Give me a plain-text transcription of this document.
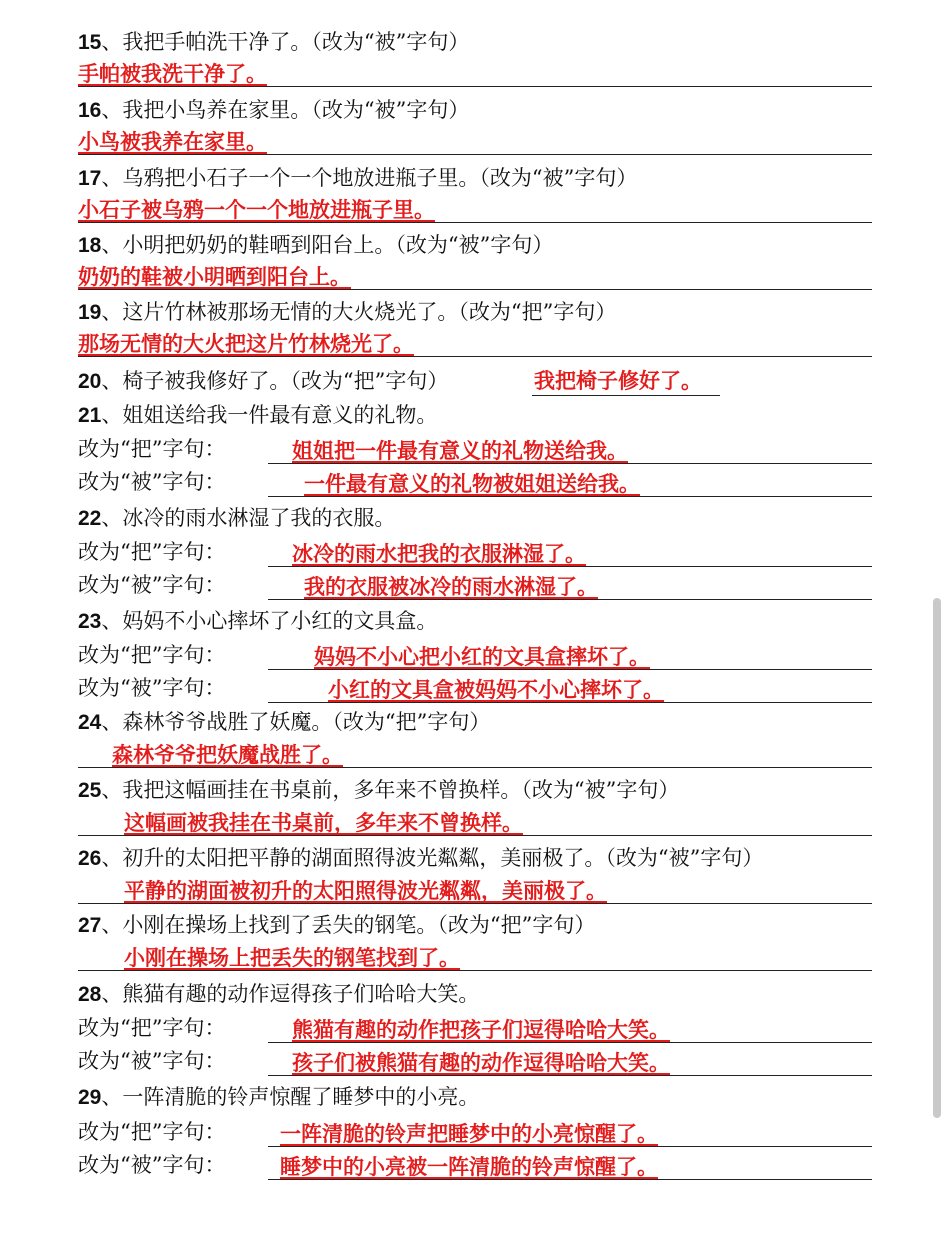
15、我把手帕洗干净了。（改为“被”字句）
手帕被我洗干净了。
16、我把小鸟养在家里。（改为“被”字句）
小鸟被我养在家里。
17、乌鸦把小石子一个一个地放进瓶子里。（改为“被”字句）
小石子被乌鸦一个一个地放进瓶子里。
18、小明把奶奶的鞋晒到阳台上。（改为“被”字句）
奶奶的鞋被小明晒到阳台上。
19、这片竹林被那场无情的大火烧光了。（改为“把”字句）
那场无情的大火把这片竹林烧光了。
20、椅子被我修好了。（改为“把”字句）	我把椅子修好了。
21、姐姐送给我一件最有意义的礼物。
改为“把”字句：	姐姐把一件最有意义的礼物送给我。
改为“被”字句：	一件最有意义的礼物被姐姐送给我。
22、冰冷的雨水淋湿了我的衣服。
改为“把”字句：	冰冷的雨水把我的衣服淋湿了。
改为“被”字句：	我的衣服被冰冷的雨水淋湿了。
23、妈妈不小心摔坏了小红的文具盒。
改为“把”字句：	妈妈不小心把小红的文具盒摔坏了。
改为“被”字句：	小红的文具盒被妈妈不小心摔坏了。
24、森林爷爷战胜了妖魔。（改为“把”字句）
森林爷爷把妖魔战胜了。
25、我把这幅画挂在书桌前，多年来不曾换样。（改为“被”字句）
这幅画被我挂在书桌前，多年来不曾换样。
26、初升的太阳把平静的湖面照得波光粼粼，美丽极了。（改为“被”字句）
平静的湖面被初升的太阳照得波光粼粼，美丽极了。
27、小刚在操场上找到了丢失的钢笔。（改为“把”字句）
小刚在操场上把丢失的钢笔找到了。
28、熊猫有趣的动作逗得孩子们哈哈大笑。
改为“把”字句：	熊猫有趣的动作把孩子们逗得哈哈大笑。
改为“被”字句：	孩子们被熊猫有趣的动作逗得哈哈大笑。
29、一阵清脆的铃声惊醒了睡梦中的小亮。
改为“把”字句：	一阵清脆的铃声把睡梦中的小亮惊醒了。
改为“被”字句：	睡梦中的小亮被一阵清脆的铃声惊醒了。
